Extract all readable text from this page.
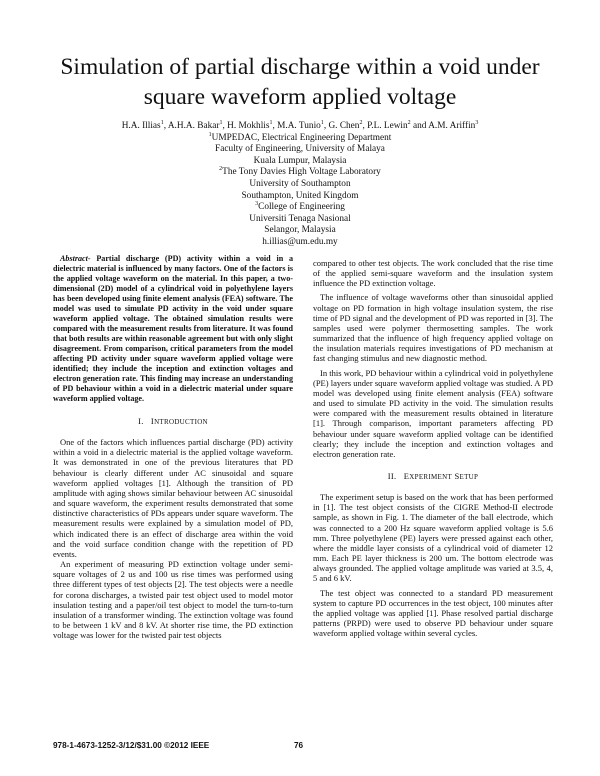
Simulation of partial discharge within a void under
square waveform applied voltage
H.A. Illias$^1$, A.H.A. Bakar$^1$, H. Mokhlis$^1$, M.A. Tunio$^1$, G. Chen$^2$, P.L. Lewin$^2$ and A.M. Ariffin$^3$
$^1$UMPEDAC, Electrical Engineering Department
Faculty of Engineering, University of Malaya
Kuala Lumpur, Malaysia
$^2$The Tony Davies High Voltage Laboratory
University of Southampton
Southampton, United Kingdom
$^3$College of Engineering
Universiti Tenaga Nasional
Selangor, Malaysia
h.illias@um.edu.my

Abstract- Partial discharge (PD) activity within a void in a dielectric material is influenced by many factors. One of the factors is the applied voltage waveform on the material. In this paper, a two-dimensional (2D) model of a cylindrical void in polyethylene layers has been developed using finite element analysis (FEA) software. The model was used to simulate PD activity in the void under square waveform applied voltage. The obtained simulation results were compared with the measurement results from literature. It was found that both results are within reasonable agreement but with only slight disagreement. From comparison, critical parameters from the model affecting PD activity under square waveform applied voltage were identified; they include the inception and extinction voltages and electron generation rate. This finding may increase an understanding of PD behaviour within a void in a dielectric material under square waveform applied voltage.

I. INTRODUCTION

One of the factors which influences partial discharge (PD) activity within a void in a dielectric material is the applied voltage waveform. It was demonstrated in one of the previous literatures that PD behaviour is clearly different under AC sinusoidal and square waveform applied voltages [1]. Although the transition of PD amplitude with aging shows similar behaviour between AC sinusoidal and square waveform, the experiment results demonstrated that some distinctive characteristics of PDs appears under square waveform. The measurement results were explained by a simulation model of PD, which indicated there is an effect of discharge area within the void and the void surface condition change with the repetition of PD events.

An experiment of measuring PD extinction voltage under semi-square voltages of 2 us and 100 us rise times was performed using three different types of test objects [2]. The test objects were a needle for corona discharges, a twisted pair test object used to model motor insulation testing and a paper/oil test object to model the turn-to-turn insulation of a transformer winding. The extinction voltage was found to be between 1 kV and 8 kV. At shorter rise time, the PD extinction voltage was lower for the twisted pair test objects

compared to other test objects. The work concluded that the rise time of the applied semi-square waveform and the insulation system influence the PD extinction voltage.

The influence of voltage waveforms other than sinusoidal applied voltage on PD formation in high voltage insulation system, the rise time of PD signal and the development of PD was reported in [3]. The samples used were polymer thermosetting samples. The work summarized that the influence of high frequency applied voltage on the insulation materials requires investigations of PD mechanism at fast changing stimulus and new diagnostic method.

In this work, PD behaviour within a cylindrical void in polyethylene (PE) layers under square waveform applied voltage was studied. A PD model was developed using finite element analysis (FEA) software and used to simulate PD activity in the void. The simulation results were compared with the measurement results obtained in literature [1]. Through comparison, important parameters affecting PD behaviour under square waveform applied voltage can be identified clearly; they include the inception and extinction voltages and electron generation rate.

II. EXPERIMENT SETUP

The experiment setup is based on the work that has been performed in [1]. The test object consists of the CIGRE Method-II electrode sample, as shown in Fig. 1. The diameter of the ball electrode, which was connected to a 200 Hz square waveform applied voltage is 5.6 mm. Three polyethylene (PE) layers were pressed against each other, where the middle layer consists of a cylindrical void of diameter 12 mm. Each PE layer thickness is 200 um. The bottom electrode was always grounded. The applied voltage amplitude was varied at 3.5, 4, 5 and 6 kV.

The test object was connected to a standard PD measurement system to capture PD occurrences in the test object, 100 minutes after the applied voltage was applied [1]. Phase resolved partial discharge patterns (PRPD) were used to observe PD behaviour under square waveform applied voltage within several cycles.

978-1-4673-1252-3/12/$31.00 ©2012 IEEE	76
